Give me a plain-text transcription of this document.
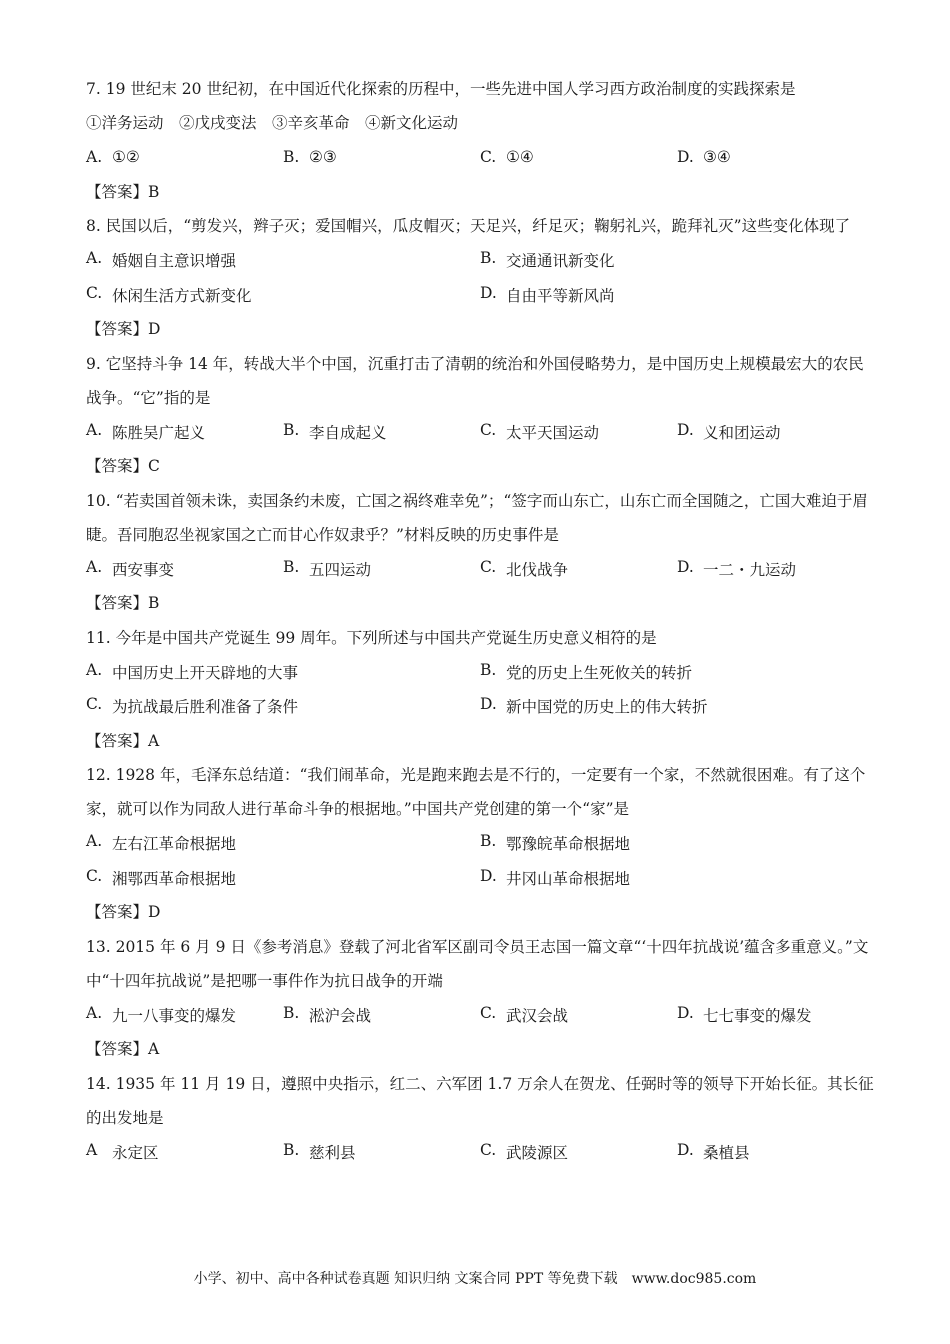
7. 19 世纪末 20 世纪初，在中国近代化探索的历程中，一些先进中国人学习西方政治制度的实践探索是

①洋务运动　②戊戌变法　③辛亥革命　④新文化运动

A. ①②	B. ②③	C. ①④	D. ③④
【答案】B

8. 民国以后，“剪发兴，辫子灭；爱国帽兴，瓜皮帽灭；天足兴，纤足灭；鞠躬礼兴，跪拜礼灭”这些变化体现了

A. 婚姻自主意识增强	B. 交通通讯新变化
C. 休闲生活方式新变化	D. 自由平等新风尚
【答案】D

9. 它坚持斗争 14 年，转战大半个中国，沉重打击了清朝的统治和外国侵略势力，是中国历史上规模最宏大的农民战争。“它”指的是

A. 陈胜吴广起义	B. 李自成起义	C. 太平天国运动	D. 义和团运动
【答案】C

10. “若卖国首领未诛，卖国条约未废，亡国之祸终难幸免”；“签字而山东亡，山东亡而全国随之，亡国大难迫于眉睫。吾同胞忍坐视家国之亡而甘心作奴隶乎？”材料反映的历史事件是

A. 西安事变	B. 五四运动	C. 北伐战争	D. 一二・九运动
【答案】B

11. 今年是中国共产党诞生 99 周年。下列所述与中国共产党诞生历史意义相符的是

A. 中国历史上开天辟地的大事	B. 党的历史上生死攸关的转折
C. 为抗战最后胜利准备了条件	D. 新中国党的历史上的伟大转折
【答案】A

12. 1928 年，毛泽东总结道：“我们闹革命，光是跑来跑去是不行的，一定要有一个家，不然就很困难。有了这个家，就可以作为同敌人进行革命斗争的根据地。”中国共产党创建的第一个“家”是

A. 左右江革命根据地	B. 鄂豫皖革命根据地
C. 湘鄂西革命根据地	D. 井冈山革命根据地
【答案】D

13. 2015 年 6 月 9 日《参考消息》登载了河北省军区副司令员王志国一篇文章“‘十四年抗战说’蕴含多重意义。”文中“十四年抗战说”是把哪一事件作为抗日战争的开端

A. 九一八事变的爆发	B. 淞沪会战	C. 武汉会战	D. 七七事变的爆发
【答案】A

14. 1935 年 11 月 19 日，遵照中央指示，红二、六军团 1.7 万余人在贺龙、任弼时等的领导下开始长征。其长征的出发地是

A 永定区	B. 慈利县	C. 武陵源区	D. 桑植县
小学、初中、高中各种试卷真题 知识归纳 文案合同 PPT 等免费下载　www.doc985.com
